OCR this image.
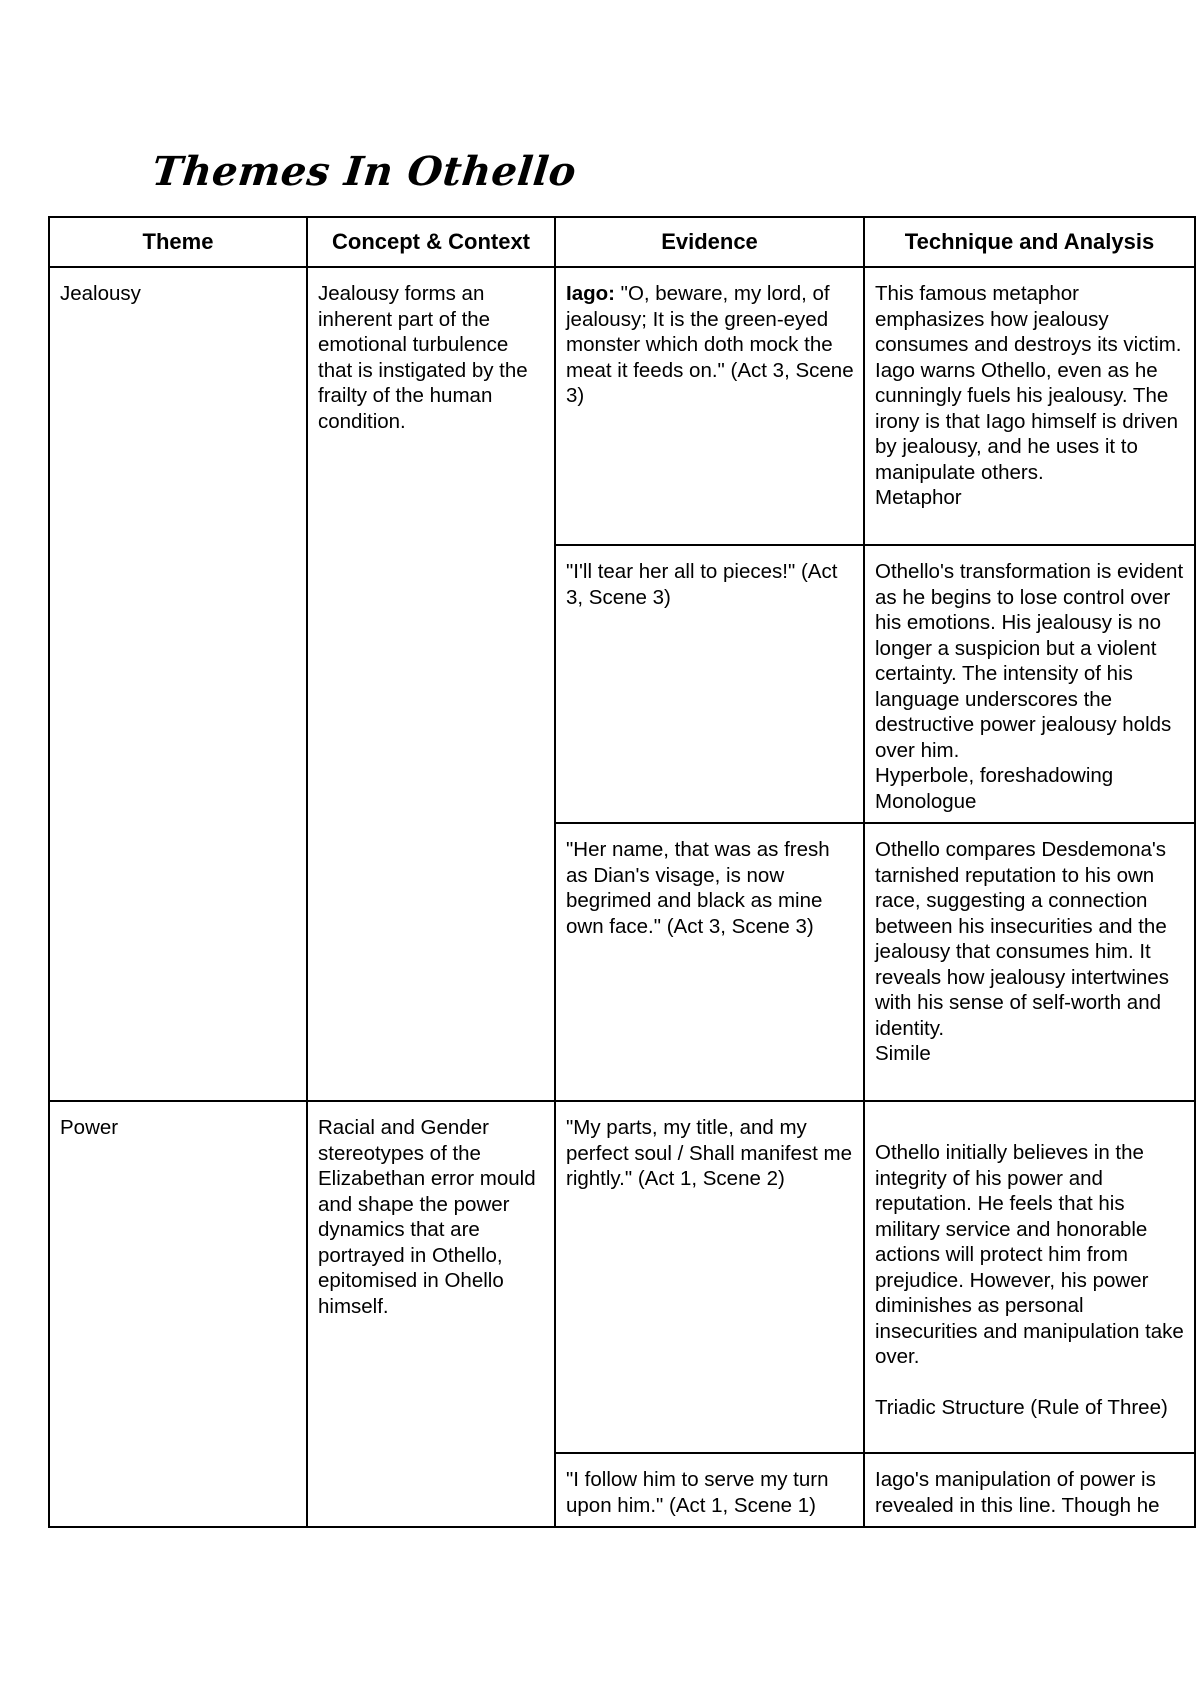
Themes In Othello
Theme	Concept & Context	Evidence	Technique and Analysis
Jealousy	Jealousy forms an inherent part of the emotional turbulence that is instigated by the frailty of the human condition.	Iago: "O, beware, my lord, of jealousy; It is the green-eyed monster which doth mock the meat it feeds on." (Act 3, Scene 3)	This famous metaphor emphasizes how jealousy consumes and destroys its victim. Iago warns Othello, even as he cunningly fuels his jealousy. The irony is that Iago himself is driven by jealousy, and he uses it to manipulate others.
Metaphor

		"I'll tear her all to pieces!" (Act 3, Scene 3)	Othello's transformation is evident as he begins to lose control over his emotions. His jealousy is no longer a suspicion but a violent certainty. The intensity of his language underscores the destructive power jealousy holds over him.
Hyperbole, foreshadowing
Monologue

		"Her name, that was as fresh as Dian's visage, is now begrimed and black as mine own face." (Act 3, Scene 3)	Othello compares Desdemona's tarnished reputation to his own race, suggesting a connection between his insecurities and the jealousy that consumes him. It reveals how jealousy intertwines with his sense of self-worth and identity.
Simile

Power	Racial and Gender stereotypes of the Elizabethan error mould and shape the power dynamics that are portrayed in Othello, epitomised in Ohello himself.	"My parts, my title, and my perfect soul / Shall manifest me rightly." (Act 1, Scene 2)	Othello initially believes in the integrity of his power and reputation. He feels that his military service and honorable actions will protect him from prejudice. However, his power diminishes as personal insecurities and manipulation take over.
Triadic Structure (Rule of Three)

		"I follow him to serve my turn upon him." (Act 1, Scene 1)	Iago's manipulation of power is revealed in this line. Though he
